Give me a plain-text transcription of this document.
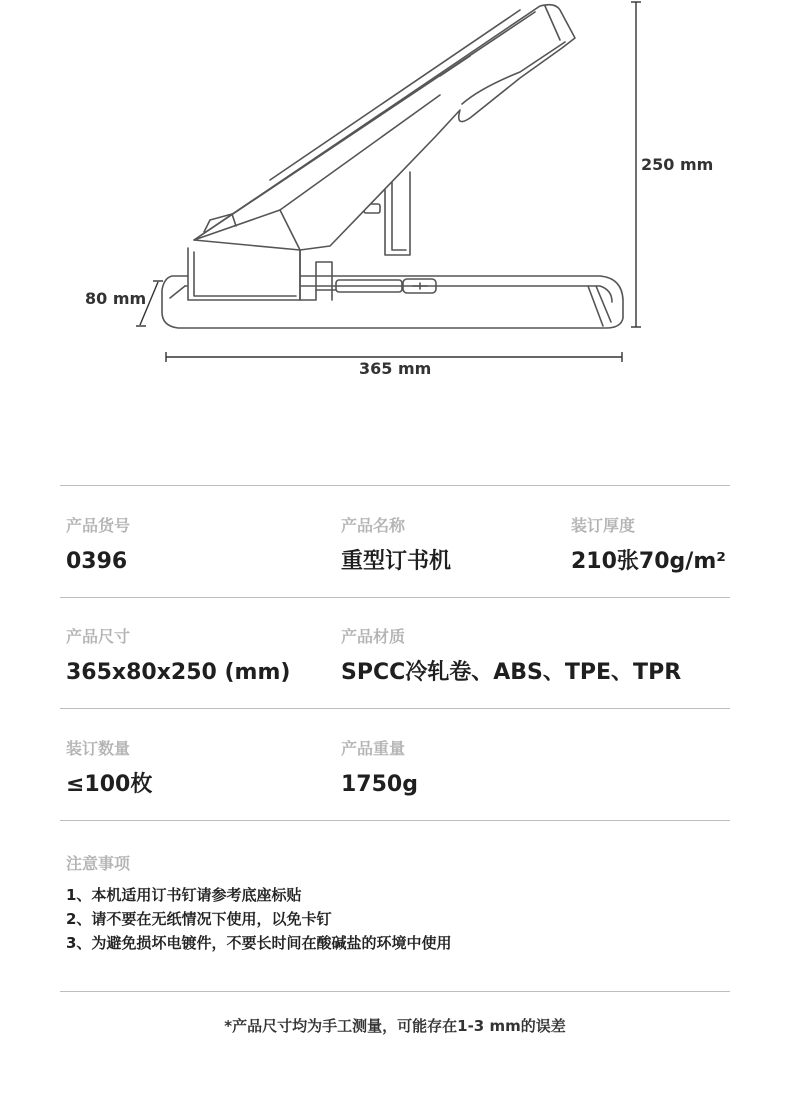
250 mm
80 mm
365 mm
产品货号
0396
产品名称
重型订书机
装订厚度
210张70g/m²
产品尺寸
365x80x250 (mm)
产品材质
SPCC冷轧卷、ABS、TPE、TPR
装订数量
≤100枚
产品重量
1750g
注意事项
1、本机适用订书钉请参考底座标贴
2、请不要在无纸情况下使用，以免卡钉
3、为避免损坏电镀件，不要长时间在酸碱盐的环境中使用
*产品尺寸均为手工测量，可能存在1-3 mm的误差
